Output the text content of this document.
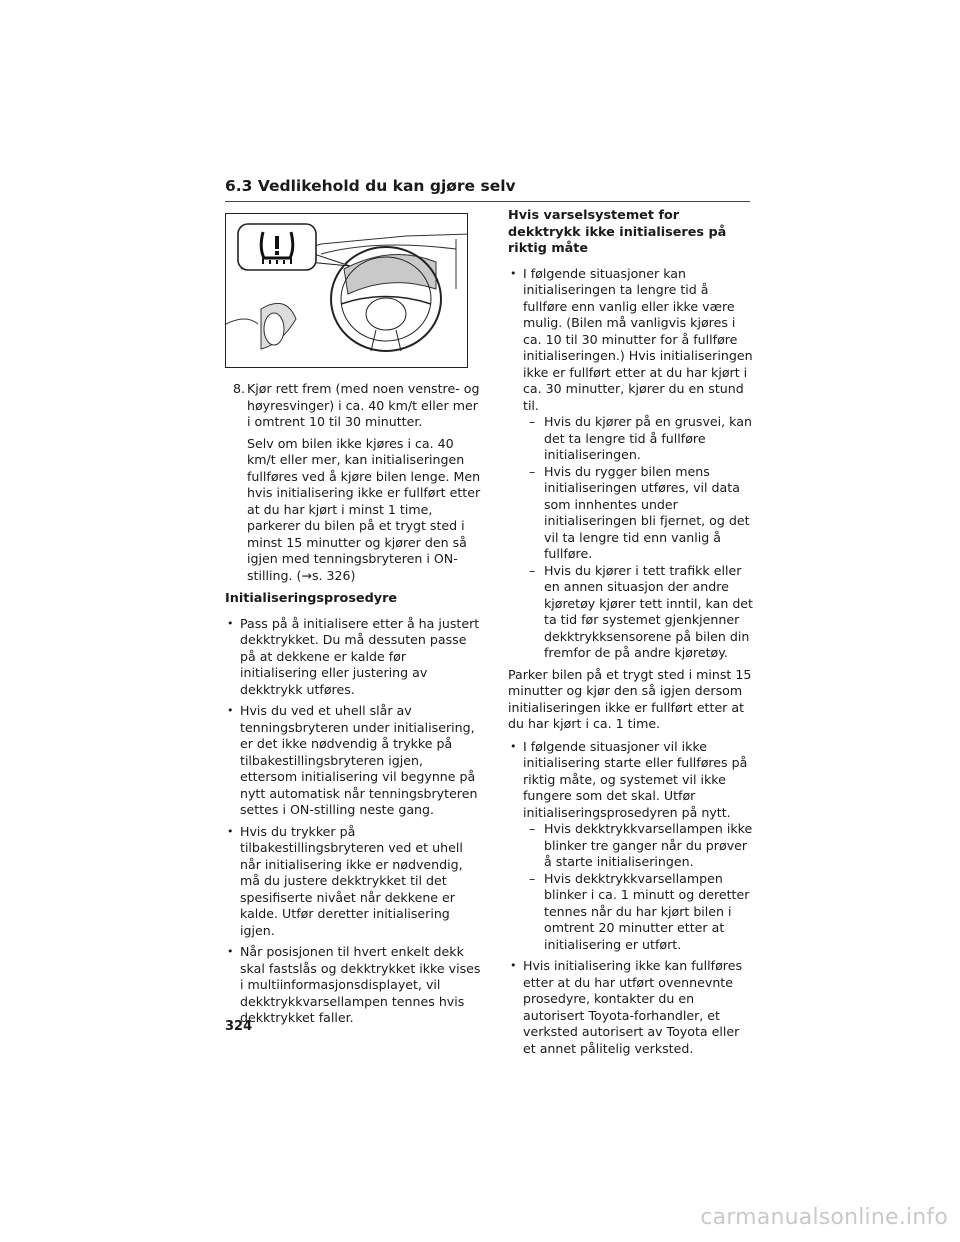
6.3 Vedlikehold du kan gjøre selv
8. Kjør rett frem (med noen venstre- og høyresvinger) i ca. 40 km/t eller mer i omtrent 10 til 30 minutter.

Selv om bilen ikke kjøres i ca. 40 km/t eller mer, kan initialiseringen fullføres ved å kjøre bilen lenge. Men hvis initialisering ikke er fullført etter at du har kjørt i minst 1 time, parkerer du bilen på et trygt sted i minst 15 minutter og kjører den så igjen med tenningsbryteren i ON-stilling. (→s. 326)

Initialiseringsprosedyre

• Pass på å initialisere etter å ha justert dekktrykket. Du må dessuten passe på at dekkene er kalde før initialisering eller justering av dekktrykk utføres.

• Hvis du ved et uhell slår av tenningsbryteren under initialisering, er det ikke nødvendig å trykke på tilbakestillingsbryteren igjen, ettersom initialisering vil begynne på nytt automatisk når tenningsbryteren settes i ON-stilling neste gang.

• Hvis du trykker på tilbakestillingsbryteren ved et uhell når initialisering ikke er nødvendig, må du justere dekktrykket til det spesifiserte nivået når dekkene er kalde. Utfør deretter initialisering igjen.

• Når posisjonen til hvert enkelt dekk skal fastslås og dekktrykket ikke vises i multiinformasjonsdisplayet, vil dekktrykkvarsellampen tennes hvis dekktrykket faller.

Hvis varselsystemet for dekktrykk ikke initialiseres på riktig måte

• I følgende situasjoner kan initialiseringen ta lengre tid å fullføre enn vanlig eller ikke være mulig. (Bilen må vanligvis kjøres i ca. 10 til 30 minutter for å fullføre initialiseringen.) Hvis initialiseringen ikke er fullført etter at du har kjørt i ca. 30 minutter, kjører du en stund til.

– Hvis du kjører på en grusvei, kan det ta lengre tid å fullføre initialiseringen.

– Hvis du rygger bilen mens initialiseringen utføres, vil data som innhentes under initialiseringen bli fjernet, og det vil ta lengre tid enn vanlig å fullføre.

– Hvis du kjører i tett trafikk eller en annen situasjon der andre kjøretøy kjører tett inntil, kan det ta tid før systemet gjenkjenner dekktrykksensorene på bilen din fremfor de på andre kjøretøy.

Parker bilen på et trygt sted i minst 15 minutter og kjør den så igjen dersom initialiseringen ikke er fullført etter at du har kjørt i ca. 1 time.

• I følgende situasjoner vil ikke initialisering starte eller fullføres på riktig måte, og systemet vil ikke fungere som det skal. Utfør initialiseringsprosedyren på nytt.

– Hvis dekktrykkvarsellampen ikke blinker tre ganger når du prøver å starte initialiseringen.

– Hvis dekktrykkvarsellampen blinker i ca. 1 minutt og deretter tennes når du har kjørt bilen i omtrent 20 minutter etter at initialisering er utført.

• Hvis initialisering ikke kan fullføres etter at du har utført ovennevnte prosedyre, kontakter du en autorisert Toyota-forhandler, et verksted autorisert av Toyota eller et annet pålitelig verksted.

324
carmanualsonline.info
